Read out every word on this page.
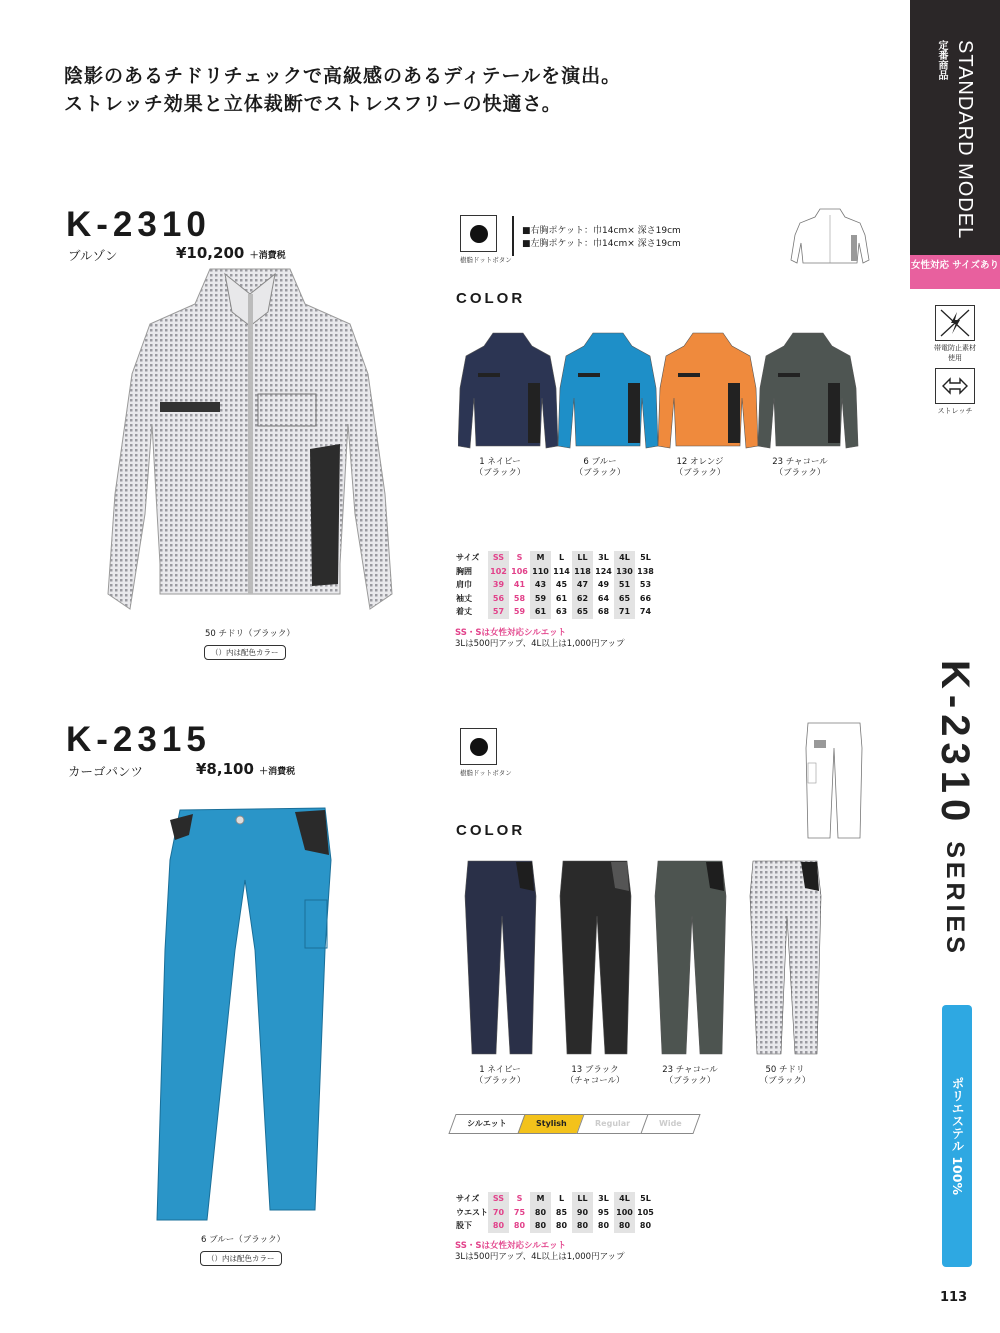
陰影のあるチドリチェックで高級感のあるディテールを演出。
ストレッチ効果と立体裁断でストレスフリーの快適さ。	STANDARD MODEL
定番商品
女性対応 サイズあり
帯電防止素材使用
ストレッチ
K-2310SERIES
ポリエステル 100%
113
K-2310
ブルゾン	¥10,200 ＋消費税
50 チドリ（ブラック）
（）内は配色カラー
樹脂ドットボタン
■右胸ポケット：巾14cm× 深さ19cm
■左胸ポケット：巾14cm× 深さ19cm
COLOR
1 ネイビー
（ブラック）
6 ブルー
（ブラック）
12 オレンジ
（ブラック）
23 チャコール
（ブラック）
サイズ	SS	S	M	L	LL	3L	4L	5L
胸囲	102	106	110	114	118	124	130	138
肩巾	39	41	43	45	47	49	51	53
袖丈	56	58	59	61	62	64	65	66
着丈	57	59	61	63	65	68	71	74
SS・Sは女性対応シルエット
3Lは500円アップ、4L以上は1,000円アップ
K-2315
カーゴパンツ	¥8,100 ＋消費税
6 ブルー（ブラック）
（）内は配色カラー
樹脂ドットボタン
COLOR
1 ネイビー
（ブラック）
13 ブラック
（チャコール）
23 チャコール
（ブラック）
50 チドリ
（ブラック）
シルエット	Stylish	Regular	Wide
サイズ	SS	S	M	L	LL	3L	4L	5L
ウエスト	70	75	80	85	90	95	100	105
股下	80	80	80	80	80	80	80	80
SS・Sは女性対応シルエット
3Lは500円アップ、4L以上は1,000円アップ
